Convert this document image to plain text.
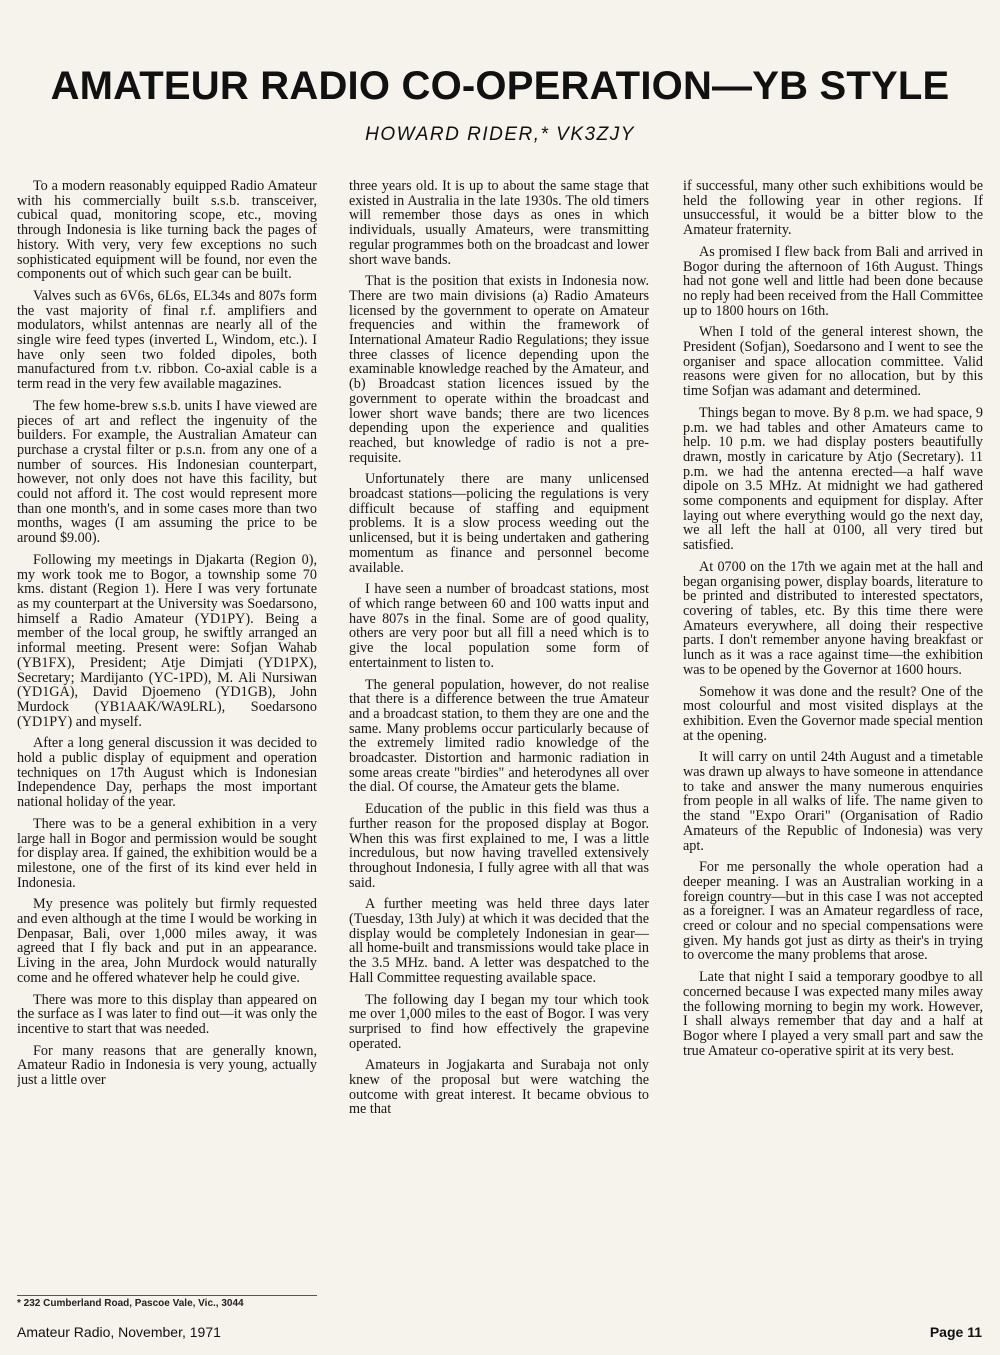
AMATEUR RADIO CO-OPERATION—YB STYLE
HOWARD RIDER,* VK3ZJY

To a modern reasonably equipped Radio Amateur with his commercially built s.s.b. transceiver, cubical quad, monitoring scope, etc., moving through Indonesia is like turning back the pages of history. With very, very few exceptions no such sophisticated equipment will be found, nor even the components out of which such gear can be built.

Valves such as 6V6s, 6L6s, EL34s and 807s form the vast majority of final r.f. amplifiers and modulators, whilst antennas are nearly all of the single wire feed types (inverted L, Windom, etc.). I have only seen two folded dipoles, both manufactured from t.v. ribbon. Co-axial cable is a term read in the very few available magazines.

The few home-brew s.s.b. units I have viewed are pieces of art and reflect the ingenuity of the builders. For example, the Australian Amateur can purchase a crystal filter or p.s.n. from any one of a number of sources. His Indonesian counterpart, however, not only does not have this facility, but could not afford it. The cost would represent more than one month's, and in some cases more than two months, wages (I am assuming the price to be around $9.00).

Following my meetings in Djakarta (Region 0), my work took me to Bogor, a township some 70 kms. distant (Region 1). Here I was very fortunate as my counterpart at the University was Soedarsono, himself a Radio Amateur (YD1PY). Being a member of the local group, he swiftly arranged an informal meeting. Present were: Sofjan Wahab (YB1FX), President; Atje Dimjati (YD1PX), Secretary; Mardijanto (YC-1PD), M. Ali Nursiwan (YD1GA), David Djoemeno (YD1GB), John Murdock (YB1AAK/WA9LRL), Soedarsono (YD1PY) and myself.

After a long general discussion it was decided to hold a public display of equipment and operation techniques on 17th August which is Indonesian Independence Day, perhaps the most important national holiday of the year.

There was to be a general exhibition in a very large hall in Bogor and permission would be sought for display area. If gained, the exhibition would be a milestone, one of the first of its kind ever held in Indonesia.

My presence was politely but firmly requested and even although at the time I would be working in Denpasar, Bali, over 1,000 miles away, it was agreed that I fly back and put in an appearance. Living in the area, John Murdock would naturally come and he offered whatever help he could give.

There was more to this display than appeared on the surface as I was later to find out—it was only the incentive to start that was needed.

For many reasons that are generally known, Amateur Radio in Indonesia is very young, actually just a little over

three years old. It is up to about the same stage that existed in Australia in the late 1930s. The old timers will remember those days as ones in which individuals, usually Amateurs, were transmitting regular programmes both on the broadcast and lower short wave bands.

That is the position that exists in Indonesia now. There are two main divisions (a) Radio Amateurs licensed by the government to operate on Amateur frequencies and within the framework of International Amateur Radio Regulations; they issue three classes of licence depending upon the examinable knowledge reached by the Amateur, and (b) Broadcast station licences issued by the government to operate within the broadcast and lower short wave bands; there are two licences depending upon the experience and qualities reached, but knowledge of radio is not a pre-requisite.

Unfortunately there are many unlicensed broadcast stations—policing the regulations is very difficult because of staffing and equipment problems. It is a slow process weeding out the unlicensed, but it is being undertaken and gathering momentum as finance and personnel become available.

I have seen a number of broadcast stations, most of which range between 60 and 100 watts input and have 807s in the final. Some are of good quality, others are very poor but all fill a need which is to give the local population some form of entertainment to listen to.

The general population, however, do not realise that there is a difference between the true Amateur and a broadcast station, to them they are one and the same. Many problems occur particularly because of the extremely limited radio knowledge of the broadcaster. Distortion and harmonic radiation in some areas create "birdies" and heterodynes all over the dial. Of course, the Amateur gets the blame.

Education of the public in this field was thus a further reason for the proposed display at Bogor. When this was first explained to me, I was a little incredulous, but now having travelled extensively throughout Indonesia, I fully agree with all that was said.

A further meeting was held three days later (Tuesday, 13th July) at which it was decided that the display would be completely Indonesian in gear—all home-built and transmissions would take place in the 3.5 MHz. band. A letter was despatched to the Hall Committee requesting available space.

The following day I began my tour which took me over 1,000 miles to the east of Bogor. I was very surprised to find how effectively the grapevine operated.

Amateurs in Jogjakarta and Surabaja not only knew of the proposal but were watching the outcome with great interest. It became obvious to me that

if successful, many other such exhibitions would be held the following year in other regions. If unsuccessful, it would be a bitter blow to the Amateur fraternity.

As promised I flew back from Bali and arrived in Bogor during the afternoon of 16th August. Things had not gone well and little had been done because no reply had been received from the Hall Committee up to 1800 hours on 16th.

When I told of the general interest shown, the President (Sofjan), Soedarsono and I went to see the organiser and space allocation committee. Valid reasons were given for no allocation, but by this time Sofjan was adamant and determined.

Things began to move. By 8 p.m. we had space, 9 p.m. we had tables and other Amateurs came to help. 10 p.m. we had display posters beautifully drawn, mostly in caricature by Atjo (Secretary). 11 p.m. we had the antenna erected—a half wave dipole on 3.5 MHz. At midnight we had gathered some components and equipment for display. After laying out where everything would go the next day, we all left the hall at 0100, all very tired but satisfied.

At 0700 on the 17th we again met at the hall and began organising power, display boards, literature to be printed and distributed to interested spectators, covering of tables, etc. By this time there were Amateurs everywhere, all doing their respective parts. I don't remember anyone having breakfast or lunch as it was a race against time—the exhibition was to be opened by the Governor at 1600 hours.

Somehow it was done and the result? One of the most colourful and most visited displays at the exhibition. Even the Governor made special mention at the opening.

It will carry on until 24th August and a timetable was drawn up always to have someone in attendance to take and answer the many numerous enquiries from people in all walks of life. The name given to the stand "Expo Orari" (Organisation of Radio Amateurs of the Republic of Indonesia) was very apt.

For me personally the whole operation had a deeper meaning. I was an Australian working in a foreign country—but in this case I was not accepted as a foreigner. I was an Amateur regardless of race, creed or colour and no special compensations were given. My hands got just as dirty as their's in trying to overcome the many problems that arose.

Late that night I said a temporary goodbye to all concerned because I was expected many miles away the following morning to begin my work. However, I shall always remember that day and a half at Bogor where I played a very small part and saw the true Amateur co-operative spirit at its very best.

* 232 Cumberland Road, Pascoe Vale, Vic., 3044
Amateur Radio, November, 1971	Page 11
